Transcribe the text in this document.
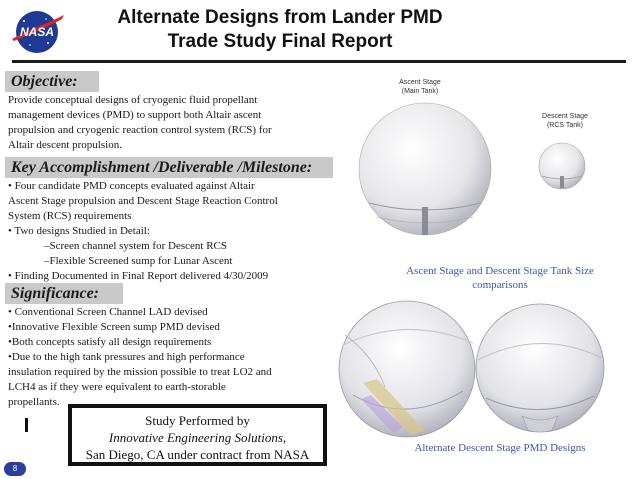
NASA
Alternate Designs from Lander PMD
Trade Study Final Report
Objective:
Provide conceptual designs of cryogenic fluid propellant
management devices (PMD) to support both Altair ascent
propulsion and cryogenic reaction control system (RCS) for
Altair descent propulsion.
Key Accomplishment /Deliverable /Milestone:
• Four candidate PMD concepts evaluated against Altair
Ascent Stage propulsion and Descent Stage Reaction Control
System (RCS) requirements
• Two designs Studied in Detail:
–Screen channel system for Descent RCS
–Flexible Screened sump for Lunar Ascent
• Finding Documented in Final Report delivered 4/30/2009
Significance:
• Conventional Screen Channel LAD devised
•Innovative Flexible Screen sump PMD devised
•Both concepts satisfy all design requirements
•Due to the high tank pressures and high performance
insulation required by the mission possible to treat LO2 and
LCH4 as if they were equivalent to earth-storable
propellants.
Study Performed by
Innovative Engineering Solutions,
San Diego, CA under contract from NASA
8
Ascent Stage
(Main Tank)
Descent Stage
(RCS Tank)
Ascent Stage and Descent Stage Tank Size
comparisons
Alternate Descent Stage PMD Designs
